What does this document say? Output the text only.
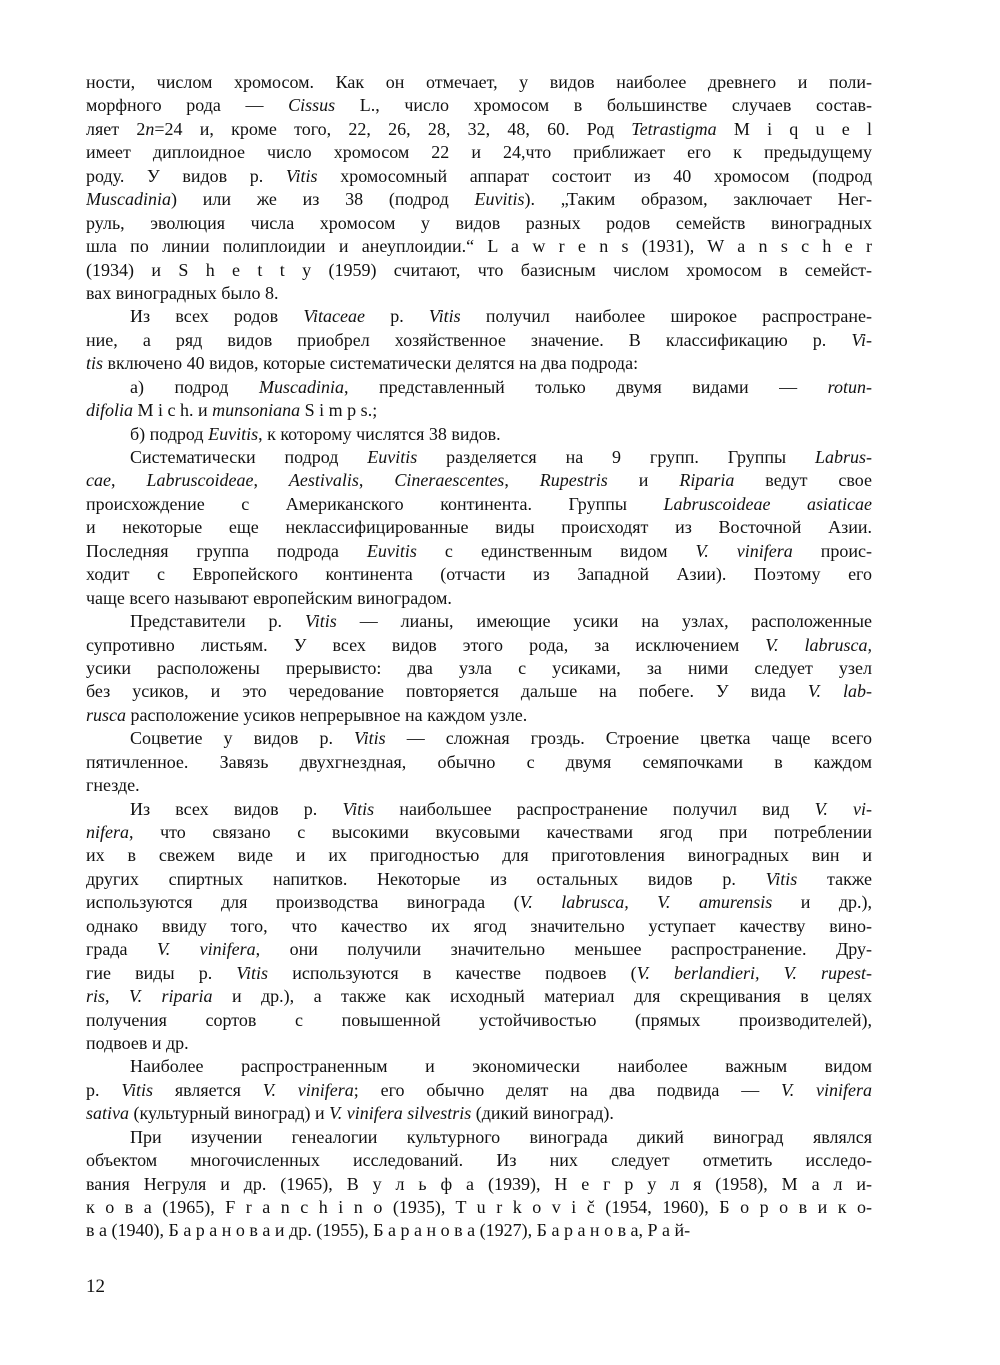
ности, числом хромосом. Как он отмечает, у видов наиболее древнего и поли-
морфного рода — Cissus L., число хромосом в большинстве случаев состав-
ляет 2n=24 и, кроме того, 22, 26, 28, 32, 48, 60. Род Tetrastigma M i q u e l
имеет диплоидное число хромосом 22 и 24,что приближает его к предыдущему
роду. У видов р. Vitis хромосомный аппарат состоит из 40 хромосом (подрод
Muscadinia) или же из 38 (подрод Euvitis). „Таким образом, заключает Нег-
руль, эволюция числа хромосом у видов разных родов семейств виноградных
шла по линии полиплоидии и анеуплоидии.“ L a w r e n s (1931), W a n s c h e r
(1934) и S h e t t y (1959) считают, что базисным числом хромосом в семейст-
вах виноградных было 8.
Из всех родов Vitaceae р. Vitis получил наиболее широкое распростране-
ние, а ряд видов приобрел хозяйственное значение. В классификацию р. Vi-
tis включено 40 видов, которые систематически делятся на два подрода:
а) подрод Muscadinia, представленный только двумя видами — rotun-
difolia M i c h. и munsoniana S i m p s.;
б) подрод Euvitis, к которому числятся 38 видов.
Систематически подрод Euvitis разделяется на 9 групп. Группы Labrus-
cae, Labruscoideae, Aestivalis, Cineraescentes, Rupestris и Riparia ведут свое
происхождение с Американского континента. Группы Labruscoideae asiaticae
и некоторые еще неклассифицированные виды происходят из Восточной Азии.
Последняя группа подрода Euvitis с единственным видом V. vinifera проис-
ходит с Европейского континента (отчасти из Западной Азии). Поэтому его
чаще всего называют европейским виноградом.
Представители р. Vitis — лианы, имеющие усики на узлах, расположенные
супротивно листьям. У всех видов этого рода, за исключением V. labrusca,
усики расположены прерывисто: два узла с усиками, за ними следует узел
без усиков, и это чередование повторяется дальше на побеге. У вида V. lab-
rusca расположение усиков непрерывное на каждом узле.
Соцветие у видов р. Vitis — сложная гроздь. Строение цветка чаще всего
пятичленное. Завязь двухгнездная, обычно с двумя семяпочками в каждом
гнезде.
Из всех видов р. Vitis наибольшее распространение получил вид V. vi-
nifera, что связано с высокими вкусовыми качествами ягод при потреблении
их в свежем виде и их пригодностью для приготовления виноградных вин и
других спиртных напитков. Некоторые из остальных видов р. Vitis также
используются для производства винограда (V. labrusca, V. amurensis и др.),
однако ввиду того, что качество их ягод значительно уступает качеству вино-
града V. vinifera, они получили значительно меньшее распространение. Дру-
гие виды р. Vitis используются в качестве подвоев (V. berlandieri, V. rupest-
ris, V. riparia и др.), а также как исходный материал для скрещивания в целях
получения сортов с повышенной устойчивостью (прямых производителей),
подвоев и др.
Наиболее распространенным и экономически наиболее важным видом
р. Vitis является V. vinifera; его обычно делят на два подвида — V. vinifera
sativa (культурный виноград) и V. vinifera silvestris (дикий виноград).
При изучении генеалогии культурного винограда дикий виноград являлся
объектом многочисленных исследований. Из них следует отметить исследо-
вания Негруля и др. (1965), В у л ь ф а (1939), Н е г р у л я (1958), М а л и-
к о в а (1965), F r a n c h i n o (1935), T u r k o v i č (1954, 1960), Б о р о в и к о-
в а (1940), Б а р а н о в а и др. (1955), Б а р а н о в а (1927), Б а р а н о в а, Р а й-
12
